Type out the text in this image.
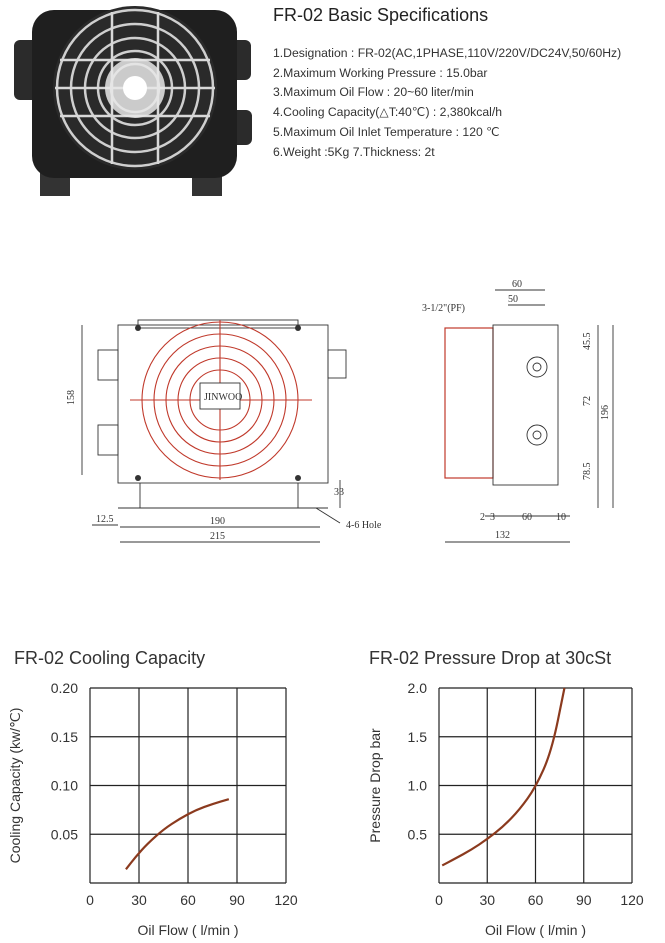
FR-02 Basic Specifications
1.Designation : FR-02(AC,1PHASE,110V/220V/DC24V,50/60Hz)
2.Maximum Working Pressure : 15.0bar
3.Maximum Oil Flow : 20~60 liter/min
4.Cooling Capacity(△T:40℃) : 2,380kcal/h
5.Maximum Oil Inlet Temperature : 120 ℃
6.Weight :5Kg 7.Thickness: 2t
JINWOO
158
12.5	190
215
33
4-6 Hole
60
50
3-1/2"(PF)
45.5
72
196
78.5
2 3	60 10
132
FR-02 Cooling Capacity	FR-02 Pressure Drop at 30cSt
0	30 60 90 120
0.20
0.15
0.10
0.05
Oil Flow ( l/min )
Cooling Capacity (kw/℃)
0	30 60 90 120
2.0
1.5
1.0
0.5
Oil Flow ( l/min )
Pressure Drop bar
